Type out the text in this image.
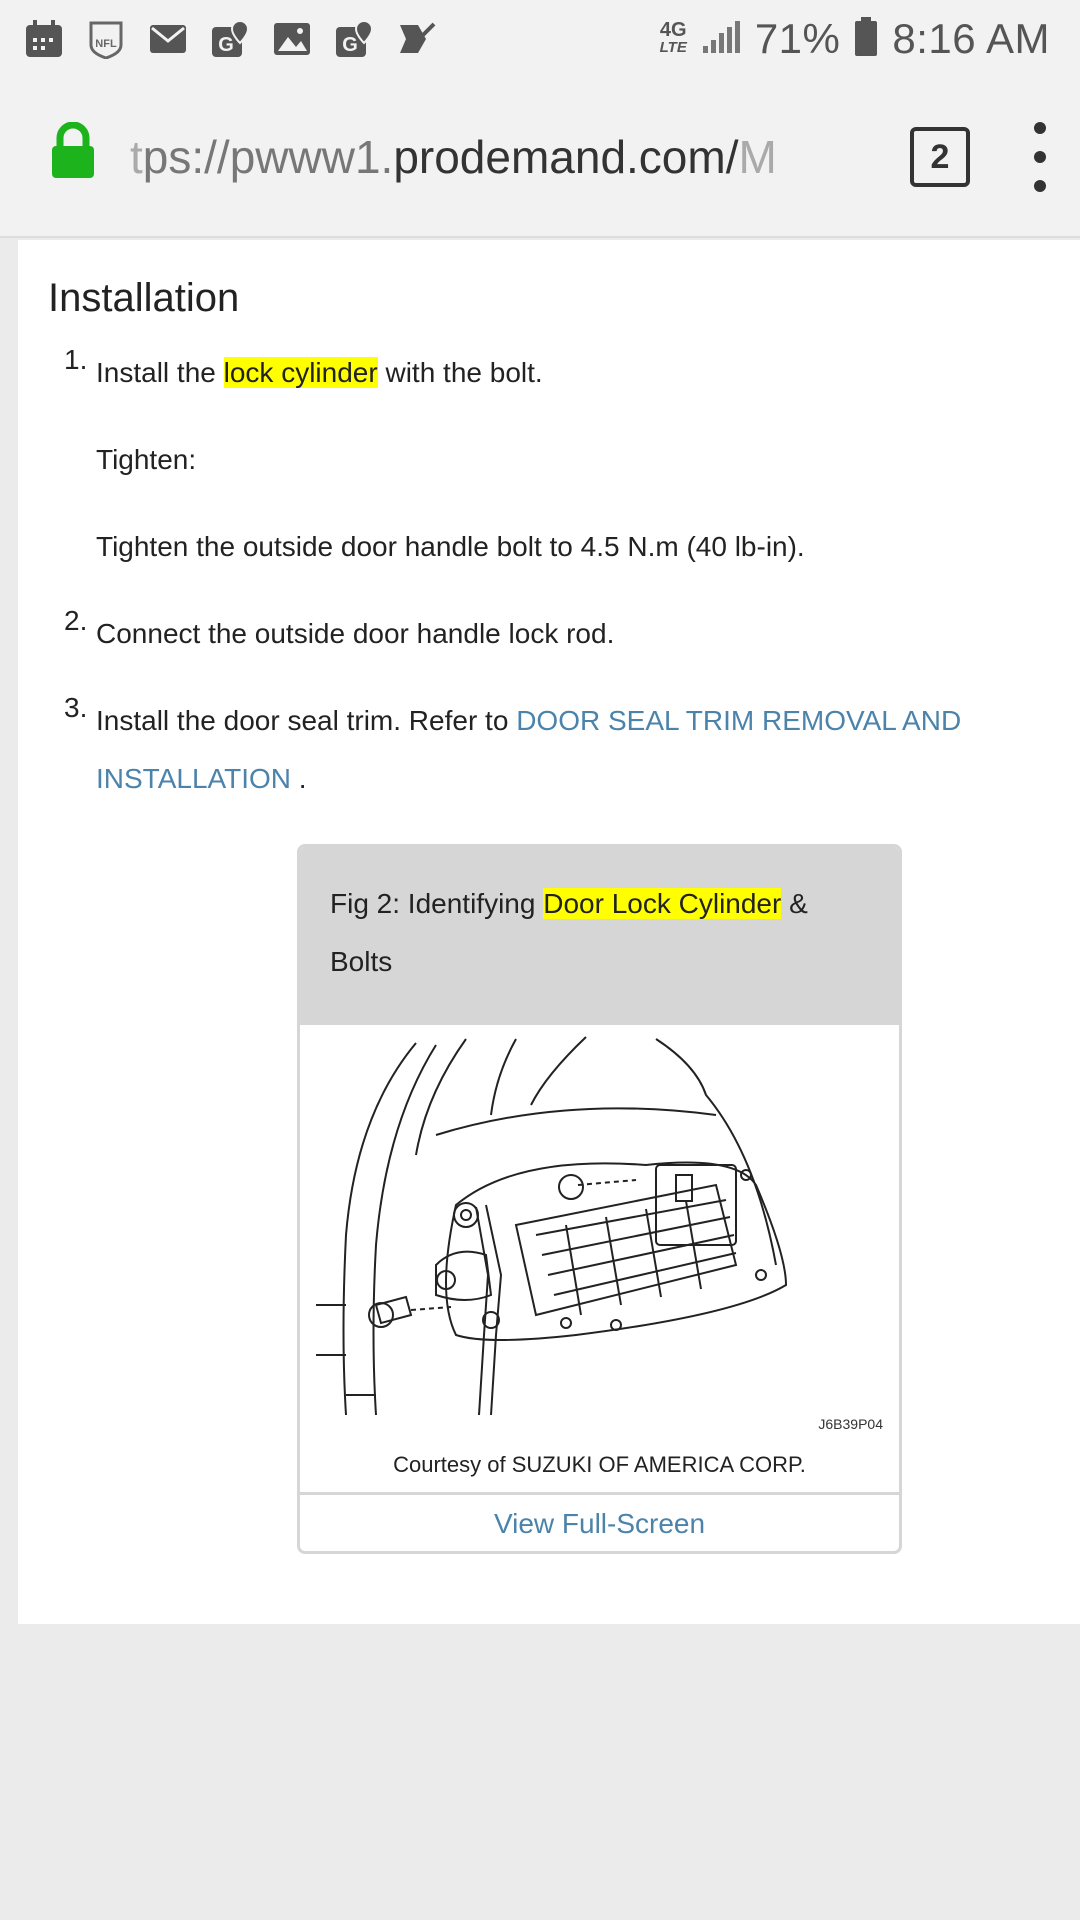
NFL	G	G
4G
LTE 71% 8:16 AM
tps://pwww1.prodemand.com/M	2
Installation
1. Install the lock cylinder with the bolt.
Tighten:
Tighten the outside door handle bolt to 4.5 N.m (40 lb-in).
2. Connect the outside door handle lock rod.
3. Install the door seal trim. Refer to DOOR SEAL TRIM REMOVAL AND
INSTALLATION .
Fig 2: Identifying Door Lock Cylinder &
Bolts
J6B39P04
Courtesy of SUZUKI OF AMERICA CORP.
View Full-Screen
